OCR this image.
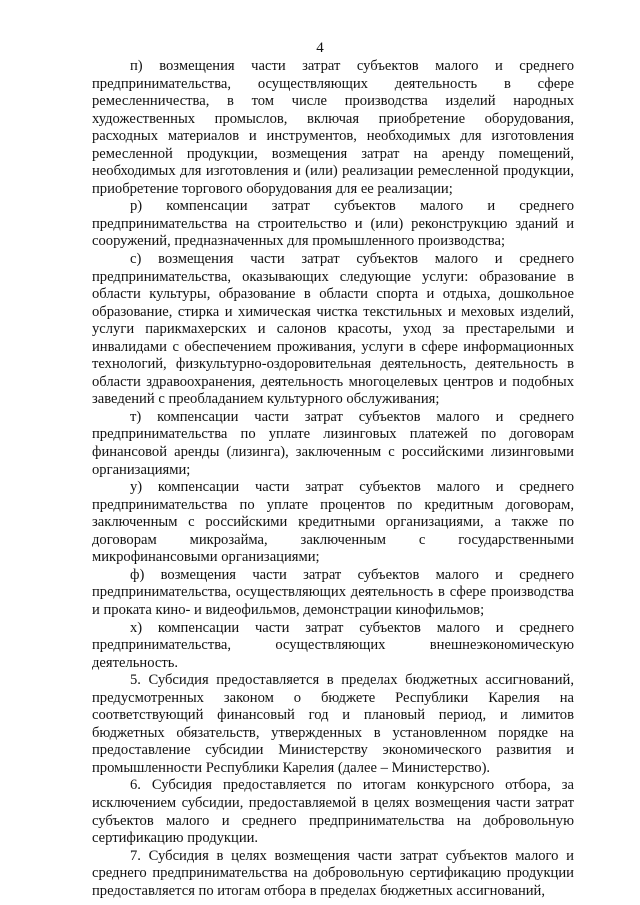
4

п) возмещения части затрат субъектов малого и среднего предпринимательства, осуществляющих деятельность в сфере ремесленничества, в том числе производства изделий народных художественных промыслов, включая приобретение оборудования, расходных материалов и инструментов, необходимых для изготовления ремесленной продукции, возмещения затрат на аренду помещений, необходимых для изготовления и (или) реализации ремесленной продукции, приобретение торгового оборудования для ее реализации;

р) компенсации затрат субъектов малого и среднего предпринимательства на строительство и (или) реконструкцию зданий и сооружений, предназначенных для промышленного производства;

с) возмещения части затрат субъектов малого и среднего предпринимательства, оказывающих следующие услуги: образование в области культуры, образование в области спорта и отдыха, дошкольное образование, стирка и химическая чистка текстильных и меховых изделий, услуги парикмахерских и салонов красоты, уход за престарелыми и инвалидами с обеспечением проживания, услуги в сфере информационных технологий, физкультурно-оздоровительная деятельность, деятельность в области здравоохранения, деятельность многоцелевых центров и подобных заведений с преобладанием культурного обслуживания;

т) компенсации части затрат субъектов малого и среднего предпринимательства по уплате лизинговых платежей по договорам финансовой аренды (лизинга), заключенным с российскими лизинговыми организациями;

у) компенсации части затрат субъектов малого и среднего предпринимательства по уплате процентов по кредитным договорам, заключенным с российскими кредитными организациями, а также по договорам микрозайма, заключенным с государственными микрофинансовыми организациями;

ф) возмещения части затрат субъектов малого и среднего предпринимательства, осуществляющих деятельность в сфере производства и проката кино- и видеофильмов, демонстрации кинофильмов;

х) компенсации части затрат субъектов малого и среднего предпринимательства, осуществляющих внешнеэкономическую деятельность.

5. Субсидия предоставляется в пределах бюджетных ассигнований, предусмотренных законом о бюджете Республики Карелия на соответствующий финансовый год и плановый период, и лимитов бюджетных обязательств, утвержденных в установленном порядке на предоставление субсидии Министерству экономического развития и промышленности Республики Карелия (далее – Министерство).

6. Субсидия предоставляется по итогам конкурсного отбора, за исключением субсидии, предоставляемой в целях возмещения части затрат субъектов малого и среднего предпринимательства на добровольную сертификацию продукции.

7. Субсидия в целях возмещения части затрат субъектов малого и среднего предпринимательства на добровольную сертификацию продукции предоставляется по итогам отбора в пределах бюджетных ассигнований,
